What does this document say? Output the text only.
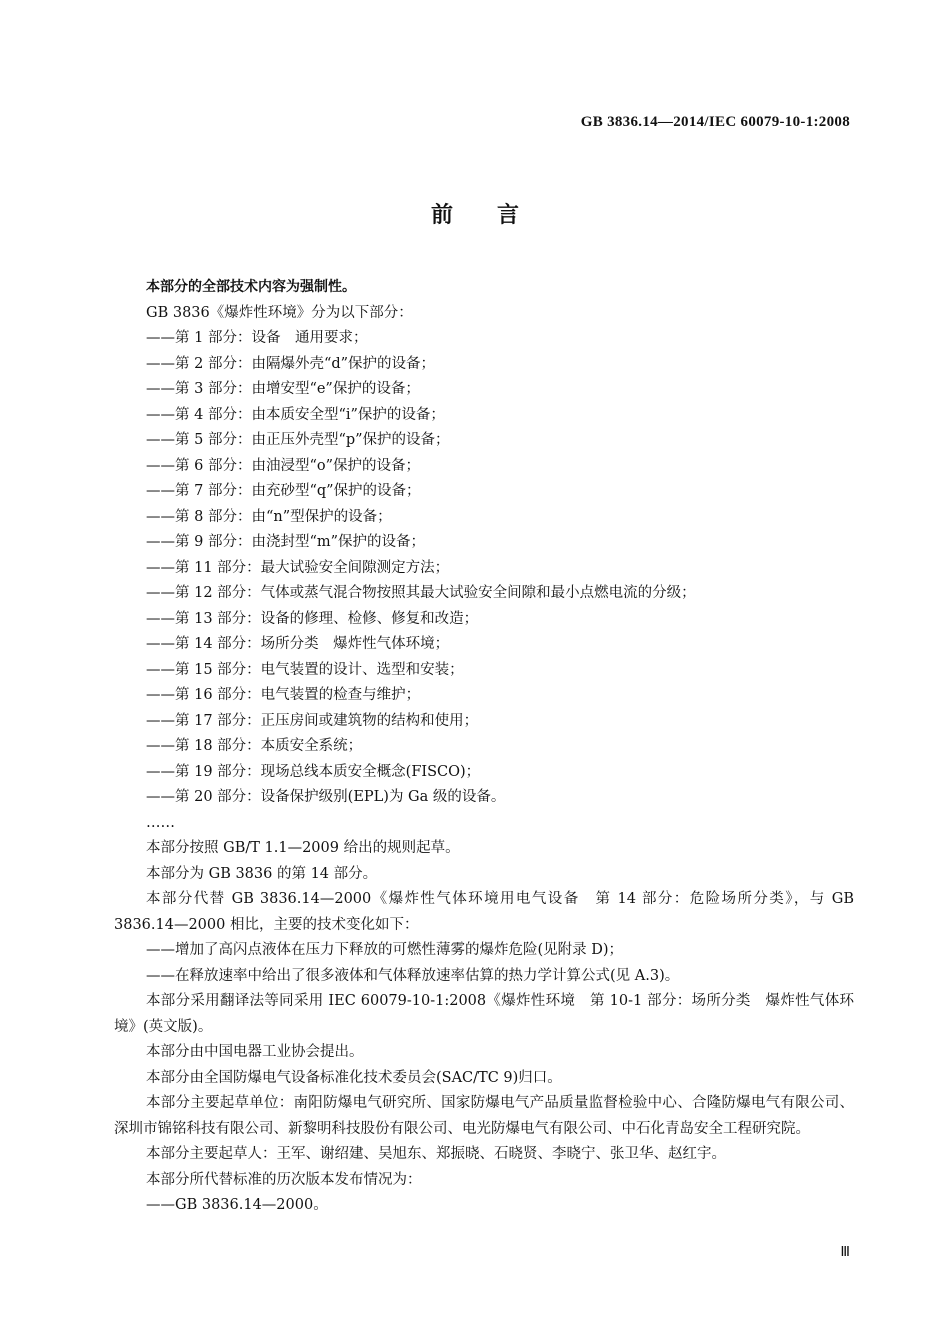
GB 3836.14—2014/IEC 60079-10-1:2008
前　　言
本部分的全部技术内容为强制性。
GB 3836《爆炸性环境》分为以下部分：
——第 1 部分：设备　通用要求；
——第 2 部分：由隔爆外壳“d”保护的设备；
——第 3 部分：由增安型“e”保护的设备；
——第 4 部分：由本质安全型“i”保护的设备；
——第 5 部分：由正压外壳型“p”保护的设备；
——第 6 部分：由油浸型“o”保护的设备；
——第 7 部分：由充砂型“q”保护的设备；
——第 8 部分：由“n”型保护的设备；
——第 9 部分：由浇封型“m”保护的设备；
——第 11 部分：最大试验安全间隙测定方法；
——第 12 部分：气体或蒸气混合物按照其最大试验安全间隙和最小点燃电流的分级；
——第 13 部分：设备的修理、检修、修复和改造；
——第 14 部分：场所分类　爆炸性气体环境；
——第 15 部分：电气装置的设计、选型和安装；
——第 16 部分：电气装置的检查与维护；
——第 17 部分：正压房间或建筑物的结构和使用；
——第 18 部分：本质安全系统；
——第 19 部分：现场总线本质安全概念(FISCO)；
——第 20 部分：设备保护级别(EPL)为 Ga 级的设备。
……
本部分按照 GB/T 1.1—2009 给出的规则起草。
本部分为 GB 3836 的第 14 部分。
本部分代替 GB 3836.14—2000《爆炸性气体环境用电气设备　第 14 部分：危险场所分类》，与 GB 3836.14—2000 相比，主要的技术变化如下：
——增加了高闪点液体在压力下释放的可燃性薄雾的爆炸危险(见附录 D)；
——在释放速率中给出了很多液体和气体释放速率估算的热力学计算公式(见 A.3)。
本部分采用翻译法等同采用 IEC 60079-10-1:2008《爆炸性环境　第 10-1 部分：场所分类　爆炸性气体环境》(英文版)。
本部分由中国电器工业协会提出。
本部分由全国防爆电气设备标准化技术委员会(SAC/TC 9)归口。
本部分主要起草单位：南阳防爆电气研究所、国家防爆电气产品质量监督检验中心、合隆防爆电气有限公司、深圳市锦铭科技有限公司、新黎明科技股份有限公司、电光防爆电气有限公司、中石化青岛安全工程研究院。
本部分主要起草人：王军、谢绍建、吴旭东、郑振晓、石晓贤、李晓宁、张卫华、赵红宇。
本部分所代替标准的历次版本发布情况为：
——GB 3836.14—2000。
Ⅲ
